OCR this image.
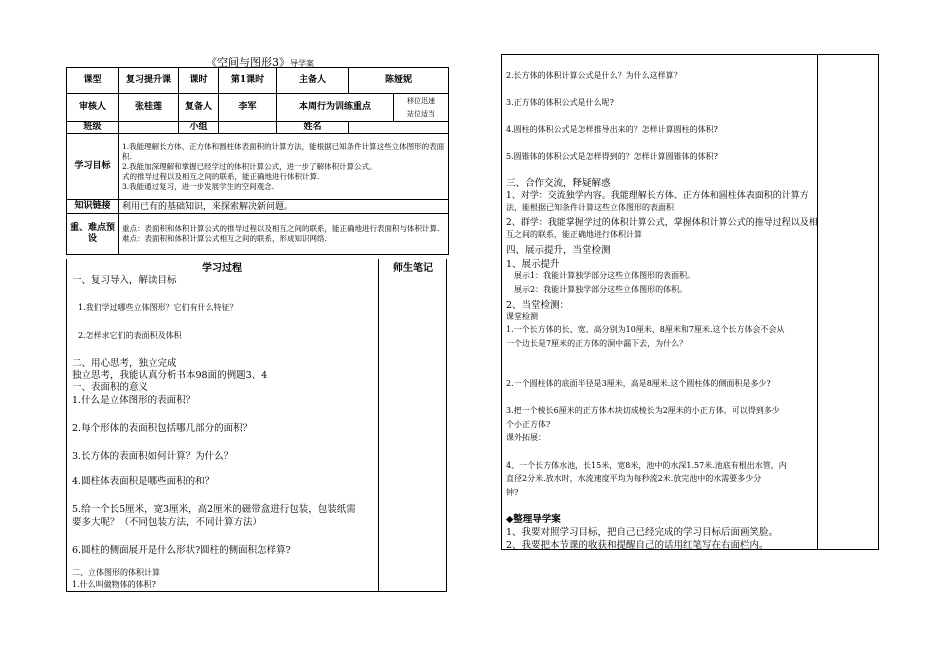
《空间与图形3》导学案
课型	复习提升课	课时	第1课时	主备人	陈娅妮	
审核人	张桂莲	复备人	李军	本周行为训练重点		移位迅速
站位适当

班级		小组		姓名		
学习目标	1.我能理解长方体、正方体和圆柱体表面积的计算方法，能根据已知条件计算这些立体图形的表面积.
2.我能加深理解和掌握已经学过的体积计算公式，进一步了解体积计算公式。
式的推导过程以及相互之间的联系，能正确地进行体积计算.
3.我能通过复习，进一步发展学生的空间观念.					

知识链接	利用已有的基础知识，来探索解决新问题。					
重、难点预设	重点：表面积和体积计算公式的推导过程以及相互之间的联系，能正确地进行表面积与体积计算.
难点：表面积和体积计算公式相互之间的联系，形成知识网络.					
学习过程	师生笔记
一、复习导入，解读目标
1.我们学过哪些立体图形？它们有什么特征？
2.怎样求它们的表面积及体积
二、用心思考，独立完成
独立思考，我能认真分析书本98面的例题3、4
一、表面积的意义
1.什么是立体图形的表面积？
2.每个形体的表面积包括哪几部分的面积？
3.长方体的表面积如何计算？为什么？
4.圆柱体表面积是哪些面积的和？
5.给一个长5厘米，宽3厘米，高2厘米的磁带盒进行包装，包装纸需
要多大呢？（不同包装方法，不同计算方法）
6.圆柱的侧面展开是什么形状?圆柱的侧面积怎样算?
二、立体图形的体积计算
1.什么叫做物体的体积?
2.长方体的体积计算公式是什么？为什么这样算？
3.正方体的体积公式是什么呢?
4.圆柱的体积公式是怎样推导出来的？怎样计算圆柱的体积?
5.圆锥体的体积公式是怎样得到的？怎样计算圆锥体的体积?
三、合作交流，释疑解惑
1、对学：交流独学内容。我能理解长方体、正方体和圆柱体表面积的计算方
法，能根据已知条件计算这些立体图形的表面积
2、群学：我能掌握学过的体积计算公式，掌握体积计算公式的推导过程以及相
互之间的联系，能正确地进行体积计算
四、展示提升，当堂检测
1、展示提升
展示1：我能计算独学部分这些立体图形的表面积。
展示2：我能计算独学部分这些立体图形的体积。
2、当堂检测：
课堂检测
1.一个长方体的长、宽、高分别为10厘米、8厘米和7厘米.这个长方体会不会从
一个边长是7厘米的正方体的洞中漏下去，为什么？
2.一个圆柱体的底面半径是3厘米，高是8厘米.这个圆柱体的侧面积是多少?
3.把一个棱长6厘米的正方体木块切成棱长为2厘米的小正方体，可以得到多少
个小正方体?
课外拓展：
4、一个长方体水池，长15米，宽8米，池中的水深1.57米.池底有根出水管，内
直径2分米.放水时，水流速度平均为每秒流2米.放完池中的水需要多少分
钟?
◆整理导学案
1、我要对照学习目标，把自己已经完成的学习目标后面画笑脸。
2、我要把本节课的收获和提醒自己的话用红笔写在右面栏内。
